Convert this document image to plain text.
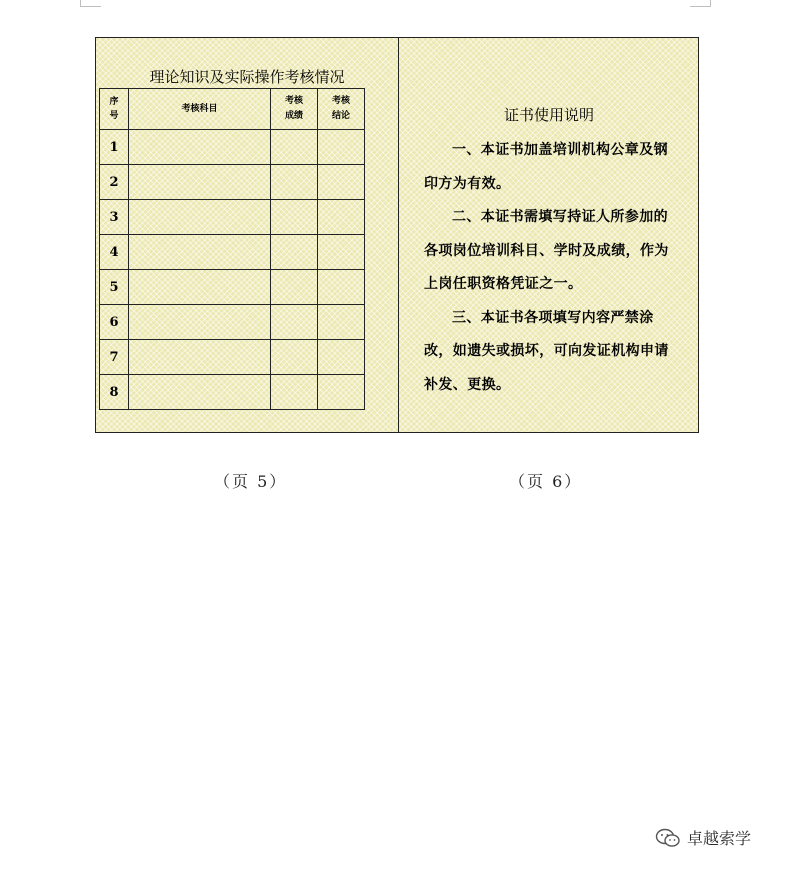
理论知识及实际操作考核情况
序号	考核科目	考核成绩	考核结论
1			
2			
3			
4			
5			
6			
7			
8			
证书使用说明

一、本证书加盖培训机构公章及钢印方为有效。

二、本证书需填写持证人所参加的各项岗位培训科目、学时及成绩，作为上岗任职资格凭证之一。

三、本证书各项填写内容严禁涂改，如遗失或损坏，可向发证机构申请补发、更换。

（页 5）	（页 6）
卓越索学
